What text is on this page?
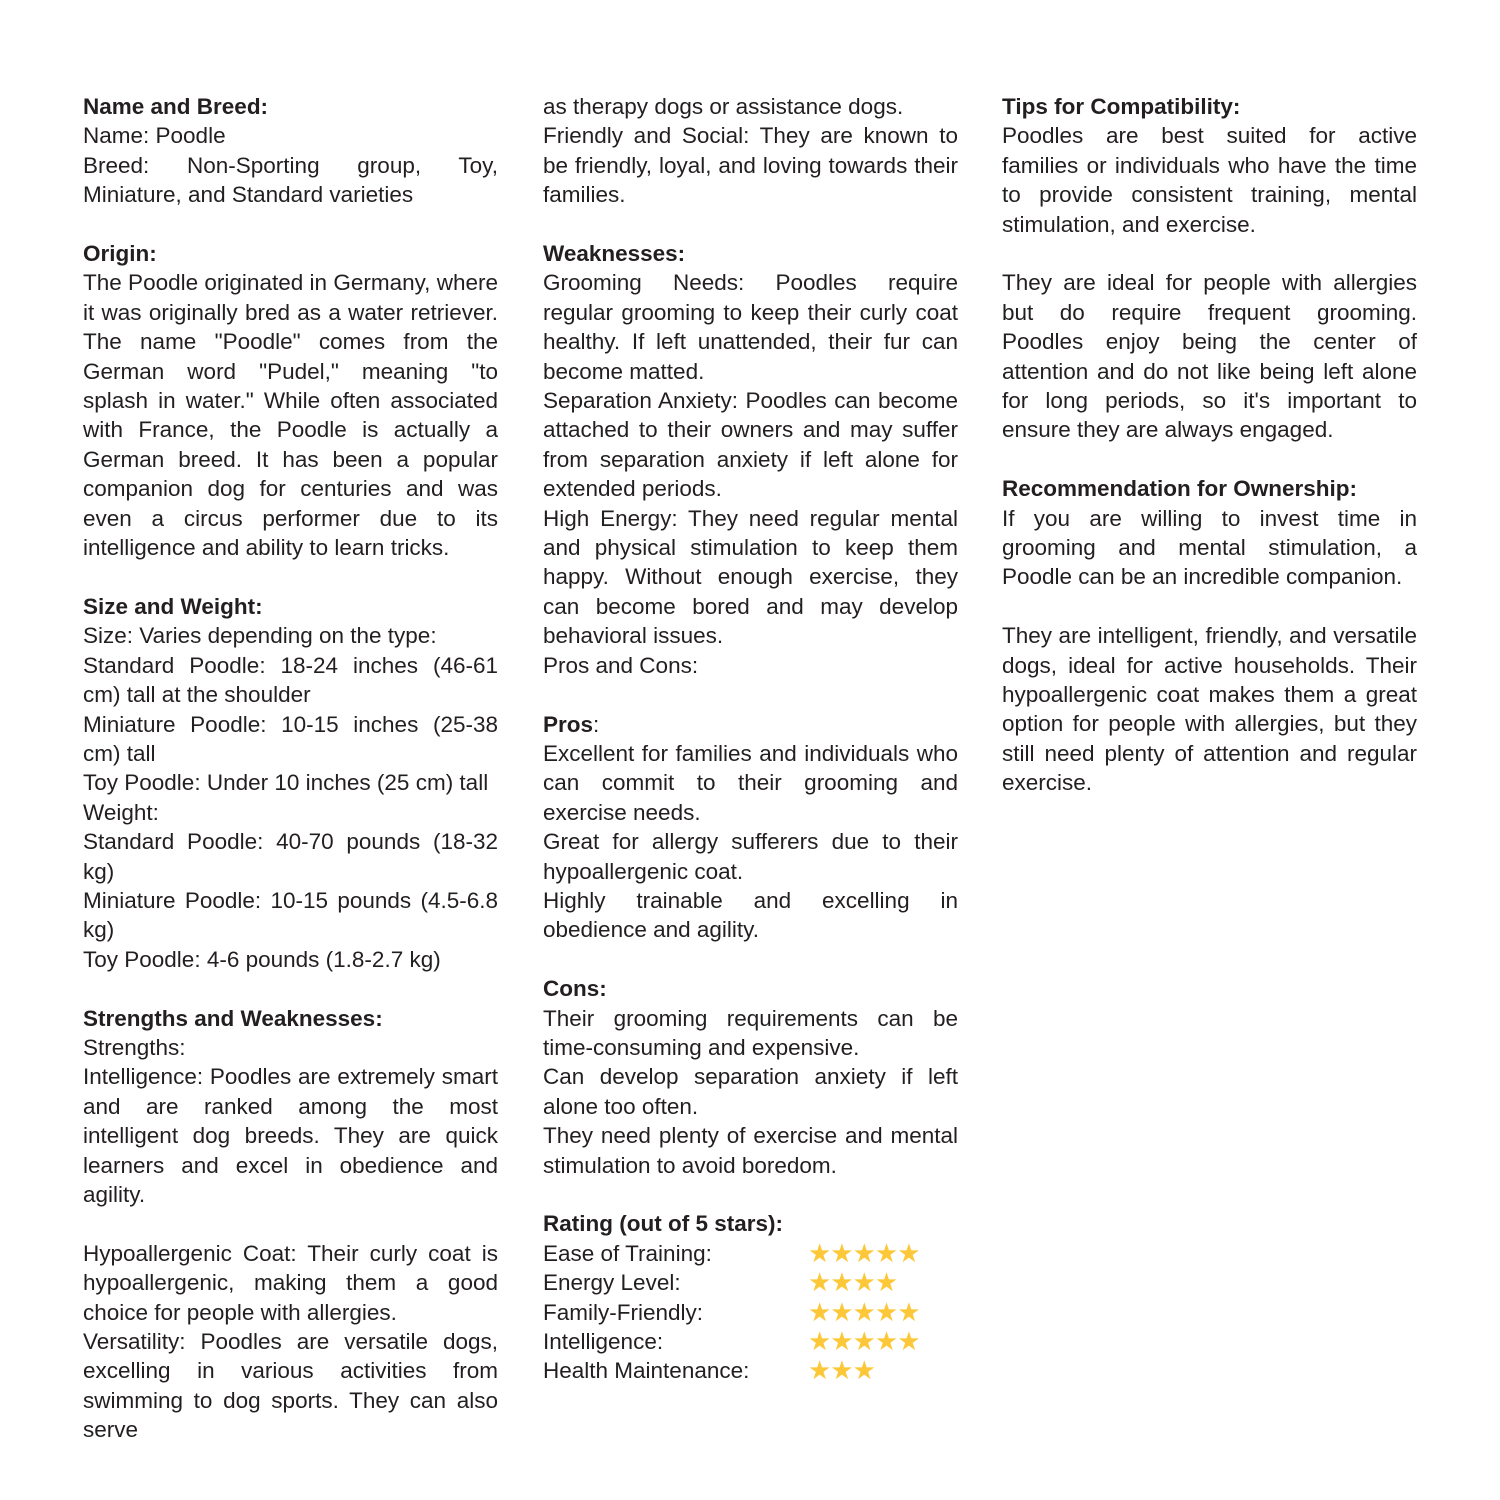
Name and Breed:

Name: Poodle

Breed: Non-Sporting group, Toy, Miniature, and Standard varieties

Origin:

The Poodle originated in Germany, where it was originally bred as a water retriever. The name "Poodle" comes from the German word "Pudel," meaning "to splash in water." While often associated with France, the Poodle is actually a German breed. It has been a popular companion dog for centuries and was even a circus performer due to its intelligence and ability to learn tricks.

Size and Weight:

Size: Varies depending on the type:

Standard Poodle: 18-24 inches (46-61 cm) tall at the shoulder

Miniature Poodle: 10-15 inches (25-38 cm) tall

Toy Poodle: Under 10 inches (25 cm) tall

Weight:

Standard Poodle: 40-70 pounds (18-32 kg)

Miniature Poodle: 10-15 pounds (4.5-6.8 kg)

Toy Poodle: 4-6 pounds (1.8-2.7 kg)

Strengths and Weaknesses:

Strengths:

Intelligence: Poodles are extremely smart and are ranked among the most intelligent dog breeds. They are quick learners and excel in obedience and agility.

Hypoallergenic Coat: Their curly coat is hypoallergenic, making them a good choice for people with allergies.

Versatility: Poodles are versatile dogs, excelling in various activities from swimming to dog sports. They can also serve

as therapy dogs or assistance dogs.

Friendly and Social: They are known to be friendly, loyal, and loving towards their families.

Weaknesses:

Grooming Needs: Poodles require regular grooming to keep their curly coat healthy. If left unattended, their fur can become matted.

Separation Anxiety: Poodles can become attached to their owners and may suffer from separation anxiety if left alone for extended periods.

High Energy: They need regular mental and physical stimulation to keep them happy. Without enough exercise, they can become bored and may develop behavioral issues.

Pros and Cons:

Pros:

Excellent for families and individuals who can commit to their grooming and exercise needs.

Great for allergy sufferers due to their hypoallergenic coat.

Highly trainable and excelling in obedience and agility.

Cons:

Their grooming requirements can be time-consuming and expensive.

Can develop separation anxiety if left alone too often.

They need plenty of exercise and mental stimulation to avoid boredom.

Rating (out of 5 stars):

Ease of Training:	★★★★★
Energy Level:	★★★★
Family-Friendly:	★★★★★
Intelligence:	★★★★★
Health Maintenance:	★★★

Tips for Compatibility:

Poodles are best suited for active families or individuals who have the time to provide consistent training, mental stimulation, and exercise.

They are ideal for people with allergies but do require frequent grooming. Poodles enjoy being the center of attention and do not like being left alone for long periods, so it's important to ensure they are always engaged.

Recommendation for Ownership:

If you are willing to invest time in grooming and mental stimulation, a Poodle can be an incredible companion.

They are intelligent, friendly, and versatile dogs, ideal for active households. Their hypoallergenic coat makes them a great option for people with allergies, but they still need plenty of attention and regular exercise.
